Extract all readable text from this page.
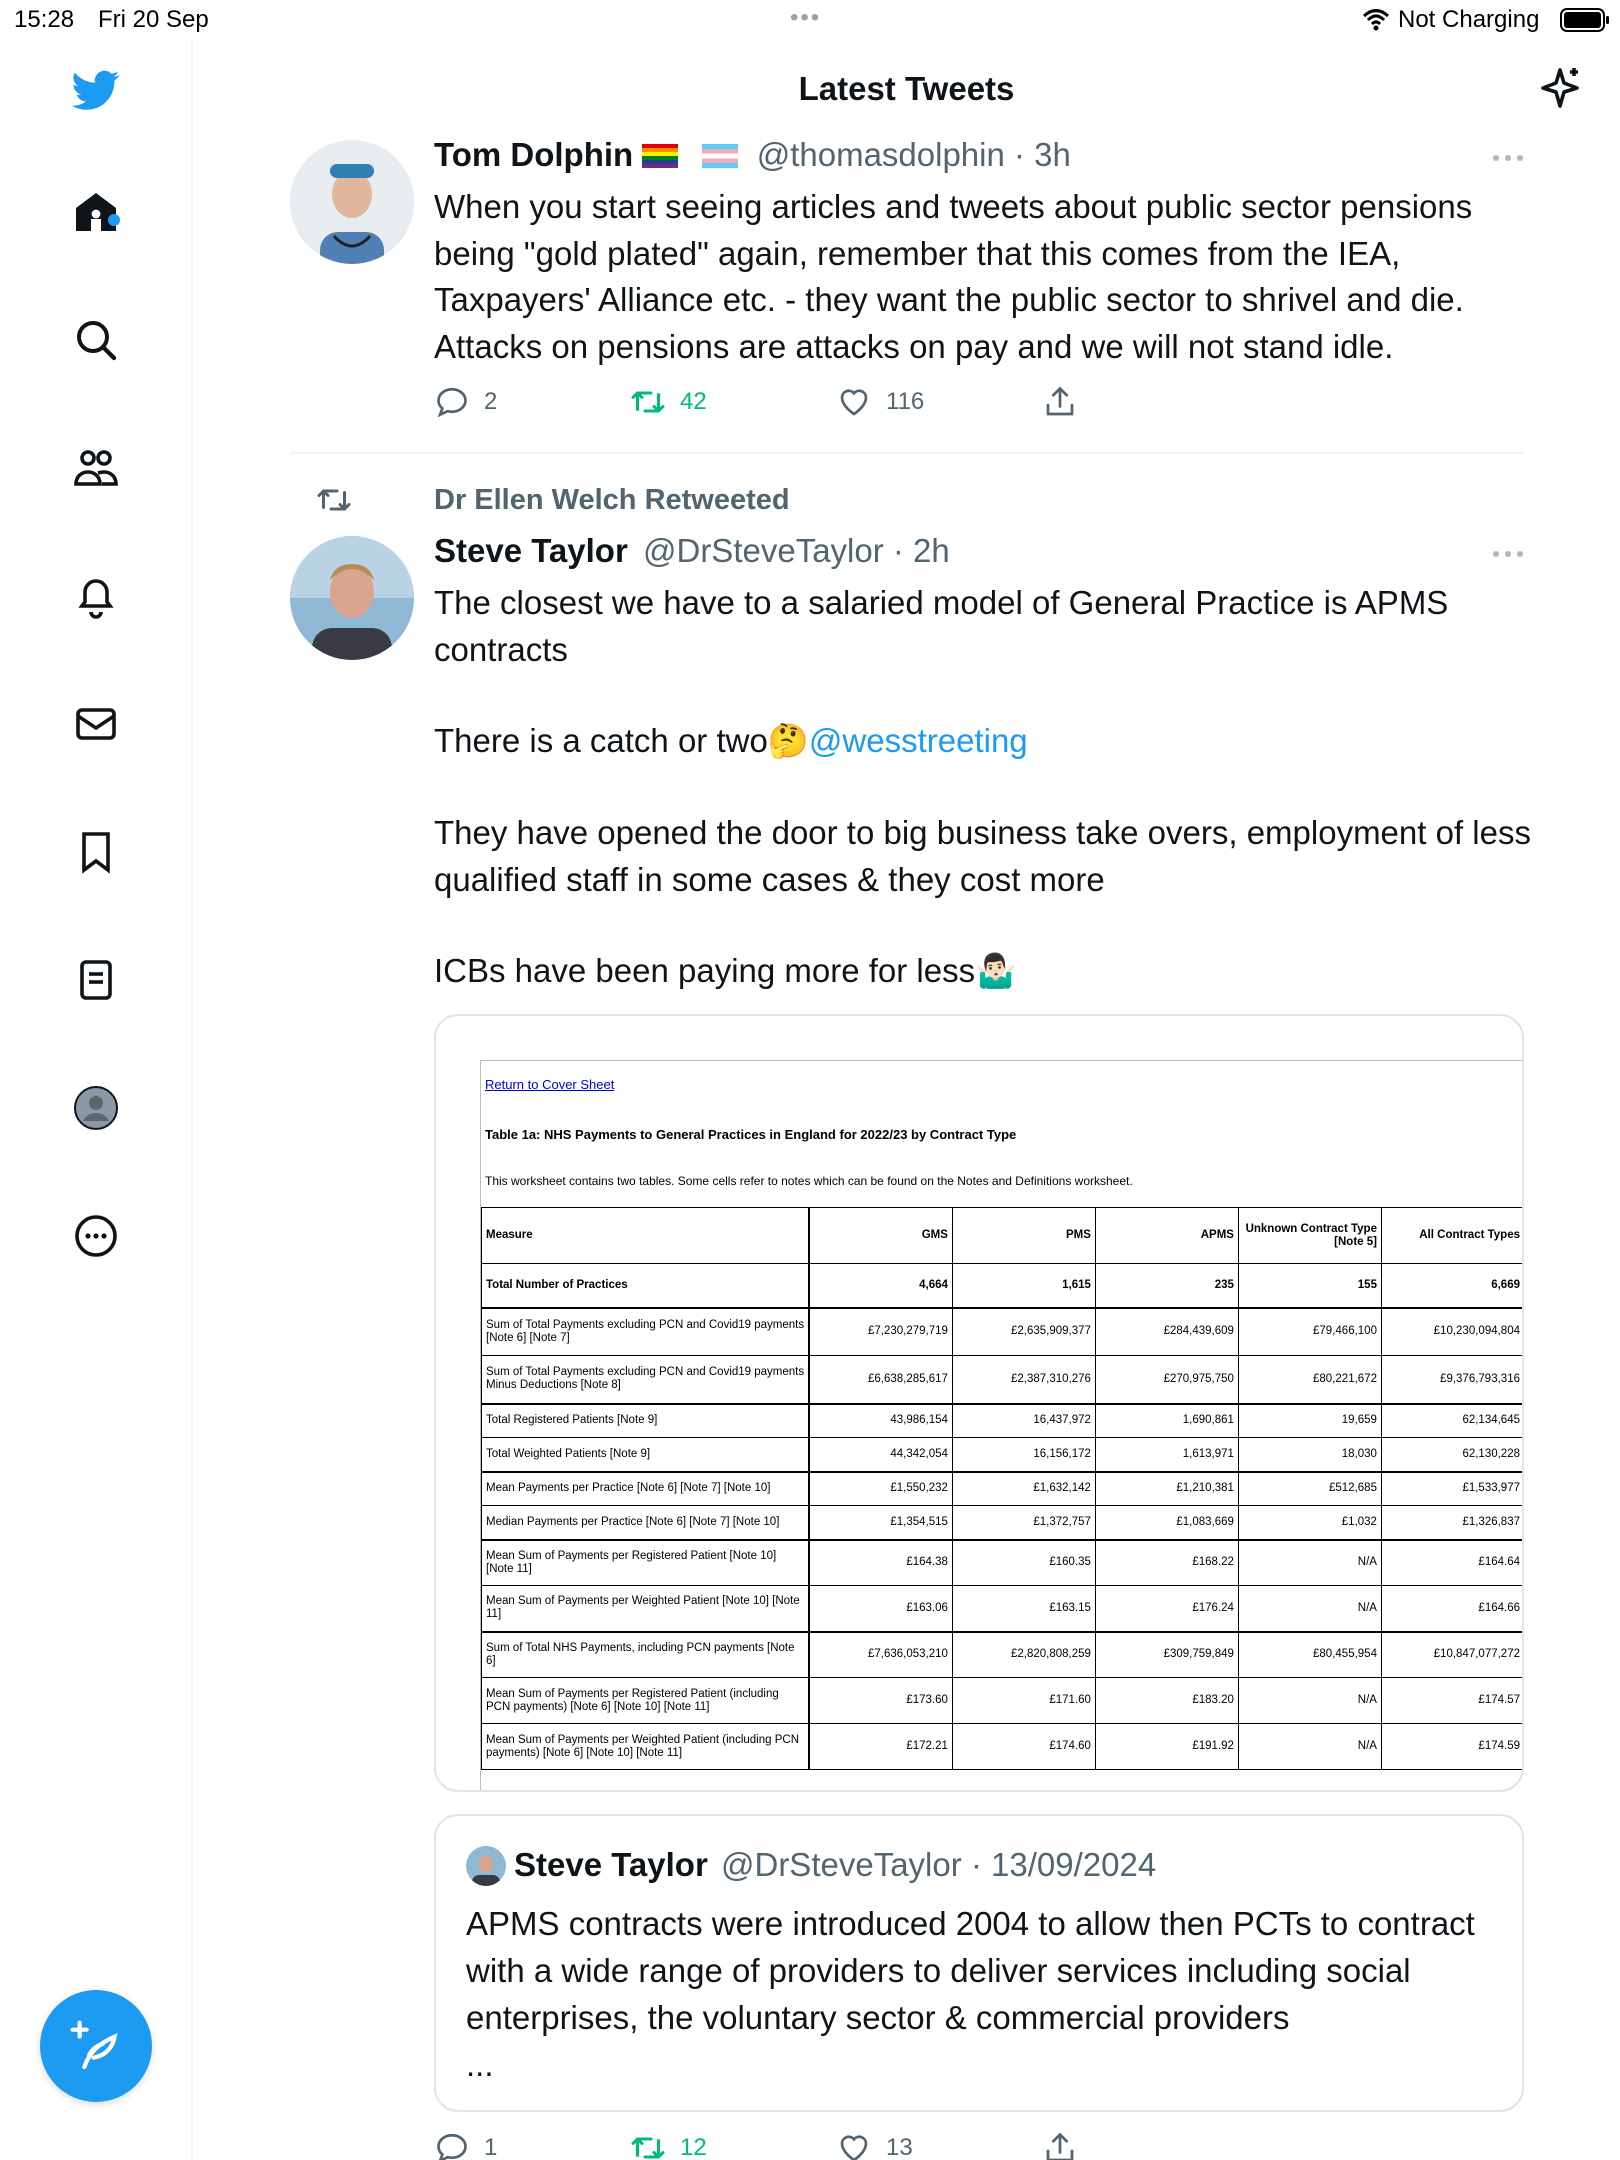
15:28 Fri 20 Sep	•••	Not Charging
Latest Tweets
Tom Dolphin	@thomasdolphin · 3h
When you start seeing articles and tweets about public sector pensions being "gold plated" again, remember that this comes from the IEA, Taxpayers' Alliance etc. - they want the public sector to shrivel and die. Attacks on pensions are attacks on pay and we will not stand idle.
2	42	116
Dr Ellen Welch Retweeted
Steve Taylor @DrSteveTaylor · 2h
The closest we have to a salaried model of General Practice is APMS contracts
There is a catch or two🤔@wesstreeting
They have opened the door to big business take overs, employment of less qualified staff in some cases & they cost more
ICBs have been paying more for less🤷🏻‍♂️
Return to Cover Sheet
Table 1a: NHS Payments to General Practices in England for 2022/23 by Contract Type
This worksheet contains two tables. Some cells refer to notes which can be found on the Notes and Definitions worksheet.
Measure	GMS	PMS	APMS	Unknown Contract Type [Note 5]	All Contract Types
Total Number of Practices	4,664	1,615	235	155	6,669
Sum of Total Payments excluding PCN and Covid19 payments [Note 6] [Note 7]	£7,230,279,719	£2,635,909,377	£284,439,609	£79,466,100	£10,230,094,804
Sum of Total Payments excluding PCN and Covid19 payments Minus Deductions [Note 8]	£6,638,285,617	£2,387,310,276	£270,975,750	£80,221,672	£9,376,793,316
Total Registered Patients [Note 9]	43,986,154	16,437,972	1,690,861	19,659	62,134,645
Total Weighted Patients [Note 9]	44,342,054	16,156,172	1,613,971	18,030	62,130,228
Mean Payments per Practice [Note 6] [Note 7] [Note 10]	£1,550,232	£1,632,142	£1,210,381	£512,685	£1,533,977
Median Payments per Practice [Note 6] [Note 7] [Note 10]	£1,354,515	£1,372,757	£1,083,669	£1,032	£1,326,837
Mean Sum of Payments per Registered Patient [Note 10] [Note 11]	£164.38	£160.35	£168.22	N/A	£164.64
Mean Sum of Payments per Weighted Patient [Note 10] [Note 11]	£163.06	£163.15	£176.24	N/A	£164.66
Sum of Total NHS Payments, including PCN payments [Note 6]	£7,636,053,210	£2,820,808,259	£309,759,849	£80,455,954	£10,847,077,272
Mean Sum of Payments per Registered Patient (including PCN payments) [Note 6] [Note 10] [Note 11]	£173.60	£171.60	£183.20	N/A	£174.57
Mean Sum of Payments per Weighted Patient (including PCN payments) [Note 6] [Note 10] [Note 11]	£172.21	£174.60	£191.92	N/A	£174.59
Steve Taylor @DrSteveTaylor · 13/09/2024
APMS contracts were introduced 2004 to allow then PCTs to contract with a wide range of providers to deliver services including social enterprises, the voluntary sector & commercial providers
...
1	12	13
